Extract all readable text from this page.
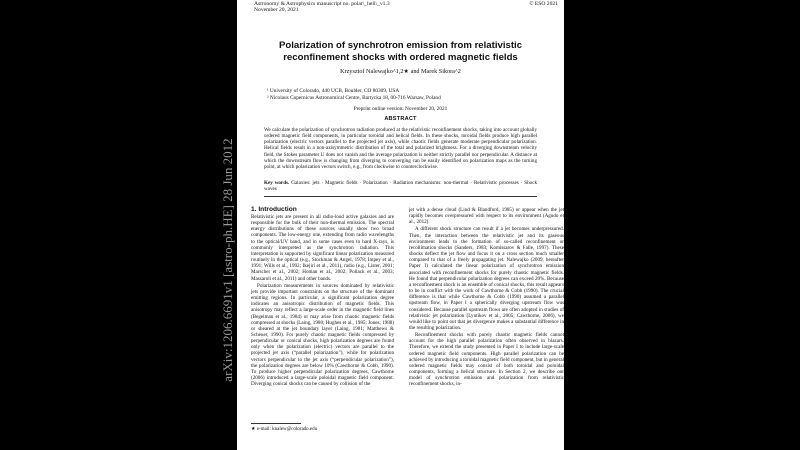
arXiv:1206.6691v1 [astro-ph.HE] 28 Jun 2012
Astronomy & Astrophysics manuscript no. polar\_heli\_v1.3
November 20, 2021
© ESO 2021
Polarization of synchrotron emission from relativistic reconfinement shocks with ordered magnetic fields
Krzysztof Nalewajko^1,2★ and Marek Sikora^2
¹ University of Colorado, 440 UCB, Boulder, CO 80309, USA
² Nicolaus Copernicus Astronomical Centre, Bartycka 18, 00-716 Warsaw, Poland
Preprint online version: November 20, 2021
ABSTRACT
We calculate the polarization of synchrotron radiation produced at the relativistic reconfinement shocks, taking into account globally ordered magnetic field components, in particular toroidal and helical fields. In these shocks, toroidal fields produce high parallel polarization (electric vectors parallel to the projected jet axis), while chaotic fields generate moderate perpendicular polarization. Helical fields result in a non-axisymmetric distribution of the total and polarized brightness. For a diverging downstream velocity field, the Stokes parameter U does not vanish and the average polarization is neither strictly parallel nor perpendicular. A distance at which the downstream flow is changing from diverging to converging can be easily identified on polarization maps as the turning point, at which polarization vectors switch, e.g., from clockwise to counterclockwise.
Key words. Galaxies: jets · Magnetic fields · Polarization · Radiation mechanisms: non-thermal · Relativistic processes · Shock waves
1. Introduction

Relativistic jets are present in all radio-loud active galaxies and are responsible for the bulk of their non-thermal emission. The spectral energy distributions of these sources usually show two broad components. The low-energy one, extending from radio wavelengths to the optical/UV band, and in some cases even to hard X-rays, is commonly interpreted as the synchrotron radiation. This interpretation is supported by significant linear polarization measured routinely in the optical (e.g., Stockman & Angel, 1978; Impey et al., 1991; Wills et al., 1992; Ikejiri et al., 2011), radio (e.g., Lister, 2001; Marscher et al., 2002; Homan et al., 2002; Pollack et al., 2003; Massaroli et al., 2011) and other bands.

Polarization measurements in sources dominated by relativistic jets provide important constraints on the structure of the dominant emitting regions. In particular, a significant polarization degree indicates an anisotropic distribution of magnetic fields. This anisotropy may reflect a large-scale order in the magnetic field lines (Begelman et al., 1984) or may arise from chaotic magnetic fields compressed at shocks (Laing, 1980; Hughes et al., 1985; Jones, 1988) or sheared at the jet boundary layer (Laing, 1981; Matthews & Scheuer, 1990). For purely chaotic magnetic fields compressed by perpendicular or conical shocks, high polarization degrees are found only when the polarization (electric) vectors are parallel to the projected jet axis (“parallel polarization”), while for polarization vectors perpendicular to the jet axis (“perpendicular polarization”), the polarization degrees are below 10% (Cawthorne & Cobb, 1990). To produce higher perpendicular polarization degrees, Cawthorne (2006) introduced a large-scale poloidal magnetic field component. Diverging conical shocks can be caused by collision of the

jet with a dense cloud (Lind & Blandford, 1985) or appear when the jet rapidly becomes overpressured with respect to its environment (Agudo et al., 2012).

A different shock structure can result if a jet becomes underpressured. Then, the interaction between the relativistic jet and its gaseous environment leads to the formation of so-called reconfinement or recollimation shocks (Sanders, 1983; Komissarov & Falle, 1997). These shocks deflect the jet flow and focus it on a cross section much smaller compared to that of a freely propagating jet. Nalewajko (2009, hereafter Paper I) calculated the linear polarization of synchrotron emission associated with reconfinement shocks for purely chaotic magnetic fields. He found that perpendicular polarization degrees can exceed 20%. Because a reconfinement shock is an ensemble of conical shocks, this result appears to be in conflict with the work of Cawthorne & Cobb (1990). The crucial difference is that while Cawthorne & Cobb (1990) assumed a parallel upstream flow, in Paper I a spherically diverging upstream flow was considered. Because parallel upstream flows are often adopted in studies of relativistic jet polarization (Lyutikov et al., 2005; Cawthorne, 2006), we would like to point out that jet divergence makes a substantial difference in the resulting polarization.

Reconfinement shocks with purely chaotic magnetic fields cannot account for the high parallel polarization often observed in blazars. Therefore, we extend the study presented in Paper I to include large-scale ordered magnetic field components. High parallel polarization can be achieved by introducing a toroidal magnetic field component, but in general ordered magnetic fields may consist of both toroidal and poloidal components, forming a helical structure. In Section 2, we describe our model of synchrotron emission and polarization from relativistic reconfinement shocks, in-

★ e-mail: knalew@colorado.edu
